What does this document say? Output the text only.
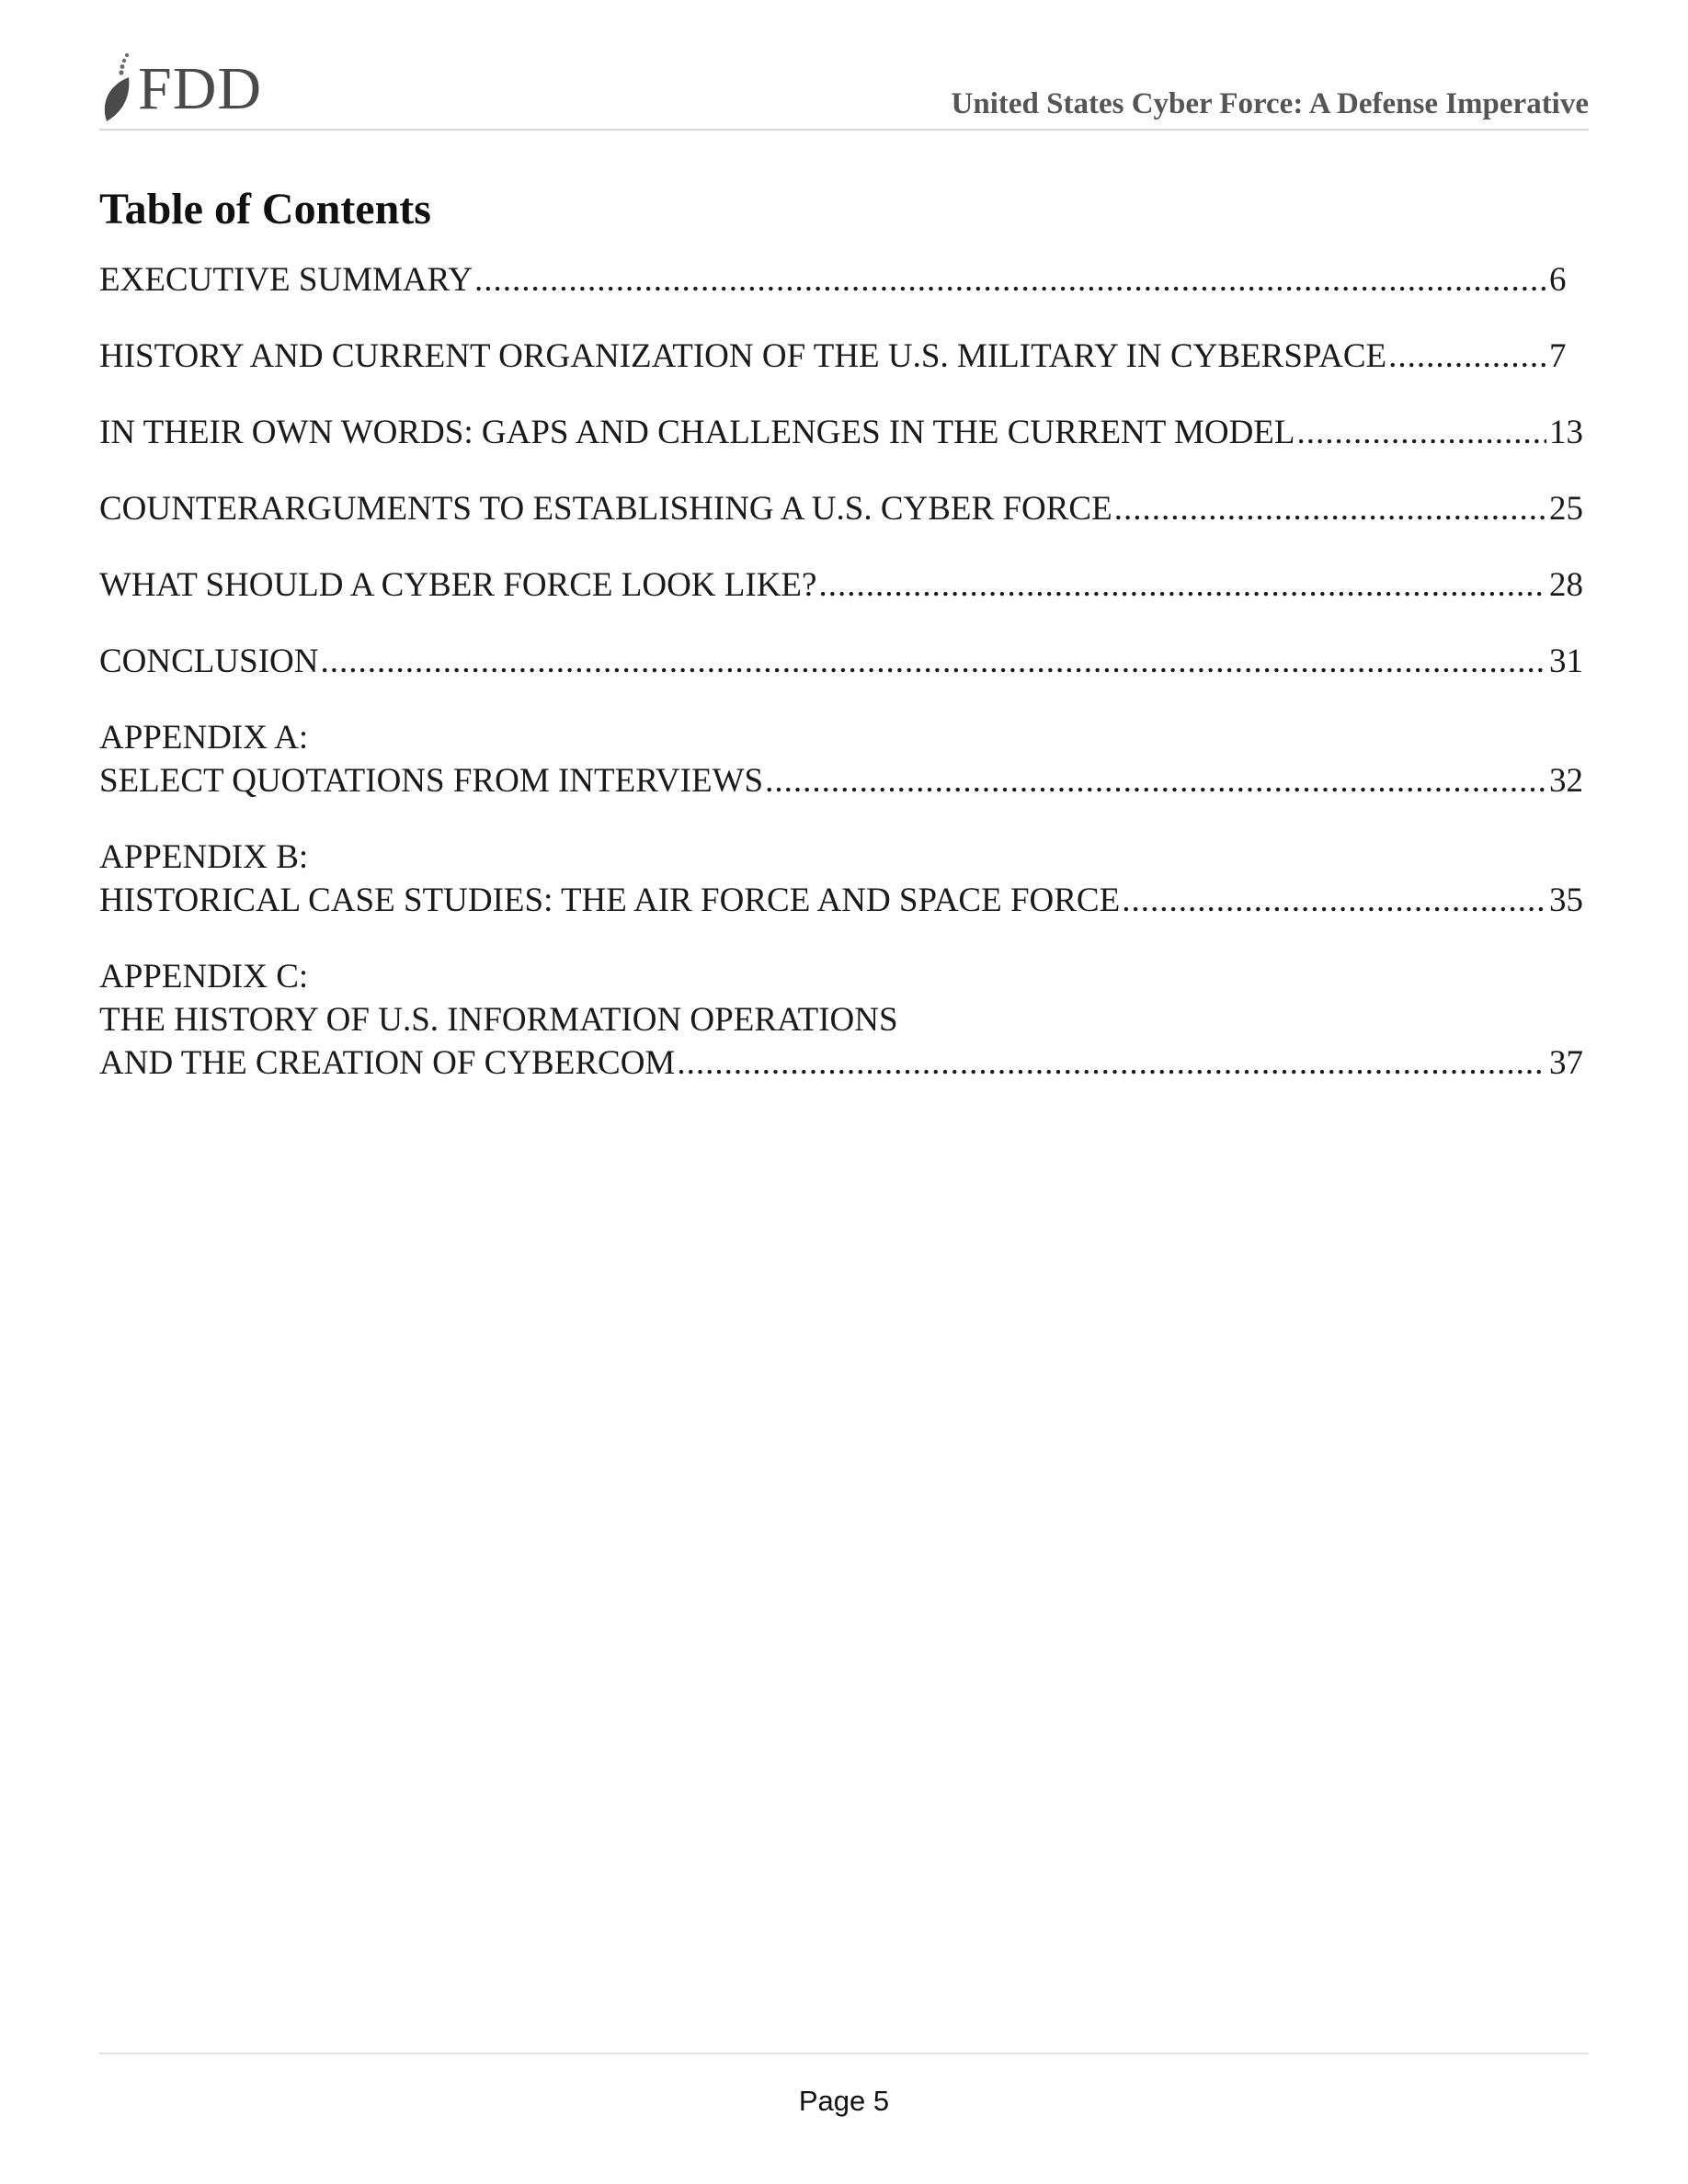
FDD	United States Cyber Force: A Defense Imperative
Table of Contents
EXECUTIVE SUMMARY .....	6
HISTORY AND CURRENT ORGANIZATION OF THE U.S. MILITARY IN CYBERSPACE .....	7
IN THEIR OWN WORDS: GAPS AND CHALLENGES IN THE CURRENT MODEL .....	13
COUNTERARGUMENTS TO ESTABLISHING A U.S. CYBER FORCE .....	25
WHAT SHOULD A CYBER FORCE LOOK LIKE? .....	28
CONCLUSION .....	31
APPENDIX A:
SELECT QUOTATIONS FROM INTERVIEWS .....	32
APPENDIX B:
HISTORICAL CASE STUDIES: THE AIR FORCE AND SPACE FORCE .....	35
APPENDIX C:
THE HISTORY OF U.S. INFORMATION OPERATIONS
AND THE CREATION OF CYBERCOM .....	37
Page 5
